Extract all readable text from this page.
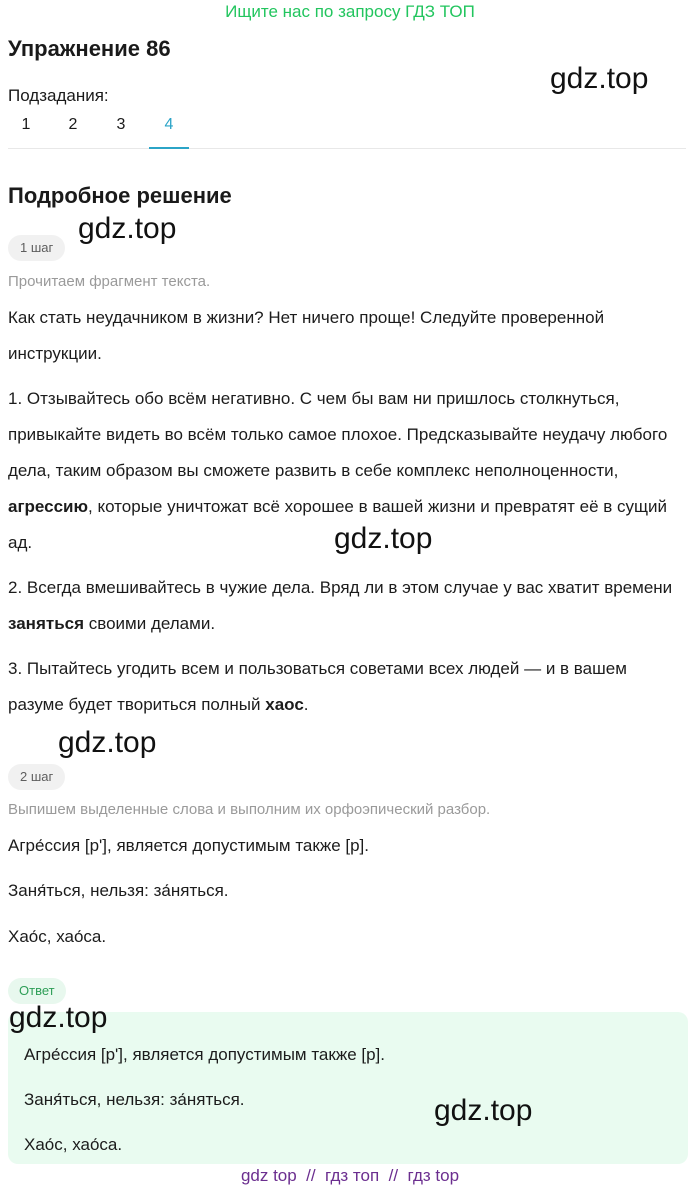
Ищите нас по запросу ГДЗ ТОП
Упражнение 86
gdz.top
Подзадания:
1	2	3	4
Подробное решение
gdz.top
1 шаг
Прочитаем фрагмент текста.
Как стать неудачником в жизни? Нет ничего проще! Следуйте проверенной инструкции.
1. Отзывайтесь обо всём негативно. С чем бы вам ни пришлось столкнуться, привыкайте видеть во всём только самое плохое. Предсказывайте неудачу любого дела, таким образом вы сможете развить в себе комплекс неполноценности, агрессию, которые уничтожат всё хорошее в вашей жизни и превратят её в сущий ад.	gdz.top
2. Всегда вмешивайтесь в чужие дела. Вряд ли в этом случае у вас хватит времени заняться своими делами.
3. Пытайтесь угодить всем и пользоваться советами всех людей — и в вашем разуме будет твориться полный хаос.
gdz.top
2 шаг
Выпишем выделенные слова и выполним их орфоэпический разбор.
Агре́ссия [р'], является допустимым также [р].
Заня́ться, нельзя: за́няться.
Хао́с, хао́са.
Ответ
gdz.top
Агре́ссия [р'], является допустимым также [р].
Заня́ться, нельзя: за́няться.
Хао́с, хао́са.
gdz.top
gdz top  //  гдз топ  //  гдз top
